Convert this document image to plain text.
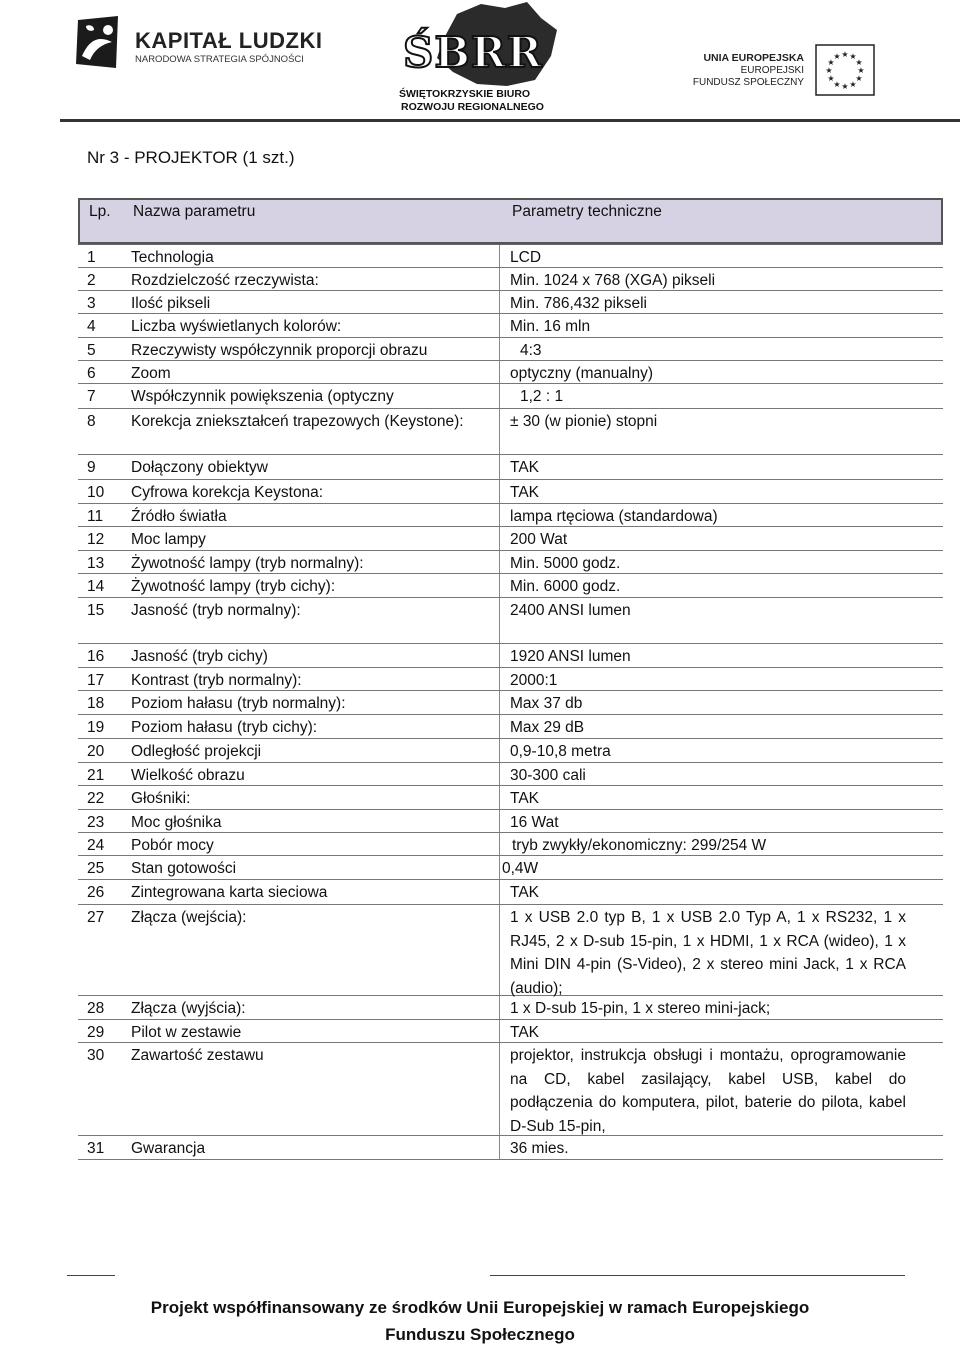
KAPITAŁ LUDZKI
NARODOWA STRATEGIA SPÓJNOŚCI ŚBRR
ŚWIĘTOKRZYSKIE BIURO
ROZWOJU REGIONALNEGO
UNIA EUROPEJSKA
EUROPEJSKI
FUNDUSZ SPOŁECZNY
★ ★
★
★
★
★
★
★
★
★
★
★
Nr 3 - PROJEKTOR (1 szt.)
Lp. Nazwa parametru	Parametry techniczne
1 Technologia	LCD
2 Rozdzielczość rzeczywista:	Min. 1024 x 768 (XGA) pikseli
3 Ilość pikseli	Min. 786,432 pikseli
4 Liczba wyświetlanych kolorów:	Min. 16 mln
5 Rzeczywisty współczynnik proporcji obrazu	4:3
6 Zoom	optyczny (manualny)
7 Współczynnik powiększenia (optyczny	1,2 : 1
8 Korekcja zniekształceń trapezowych (Keystone):	± 30 (w pionie) stopni
9 Dołączony obiektyw	TAK
10 Cyfrowa korekcja Keystona:	TAK
11 Źródło światła	lampa rtęciowa (standardowa)
12 Moc lampy	200 Wat
13 Żywotność lampy (tryb normalny):	Min. 5000 godz.
14 Żywotność lampy (tryb cichy):	Min. 6000 godz.
15 Jasność (tryb normalny):	2400 ANSI lumen
16 Jasność (tryb cichy)	1920 ANSI lumen
17 Kontrast (tryb normalny):	2000:1
18 Poziom hałasu (tryb normalny):	Max 37 db
19 Poziom hałasu (tryb cichy):	Max 29 dB
20 Odległość projekcji	0,9-10,8 metra
21 Wielkość obrazu	30-300 cali
22 Głośniki:	TAK
23 Moc głośnika	16 Wat
24 Pobór mocy	tryb zwykły/ekonomiczny: 299/254 W
25 Stan gotowości	0,4W
26 Zintegrowana karta sieciowa	TAK
27 Złącza (wejścia):	1 x USB 2.0 typ B, 1 x USB 2.0 Typ A, 1 x RS232, 1 x RJ45, 2 x D-sub 15-pin, 1 x HDMI, 1 x RCA (wideo), 1 x Mini DIN 4-pin (S-Video), 2 x stereo mini Jack, 1 x RCA (audio);
28 Złącza (wyjścia):	1 x D-sub 15-pin, 1 x stereo mini-jack;
29 Pilot w zestawie	TAK
30 Zawartość zestawu	projektor, instrukcja obsługi i montażu, oprogramowanie na CD, kabel zasilający, kabel USB, kabel do podłączenia do komputera, pilot, baterie do pilota, kabel D-Sub 15-pin,
31 Gwarancja	36 mies.
Projekt współfinansowany ze środków Unii Europejskiej w ramach Europejskiego
Funduszu Społecznego
